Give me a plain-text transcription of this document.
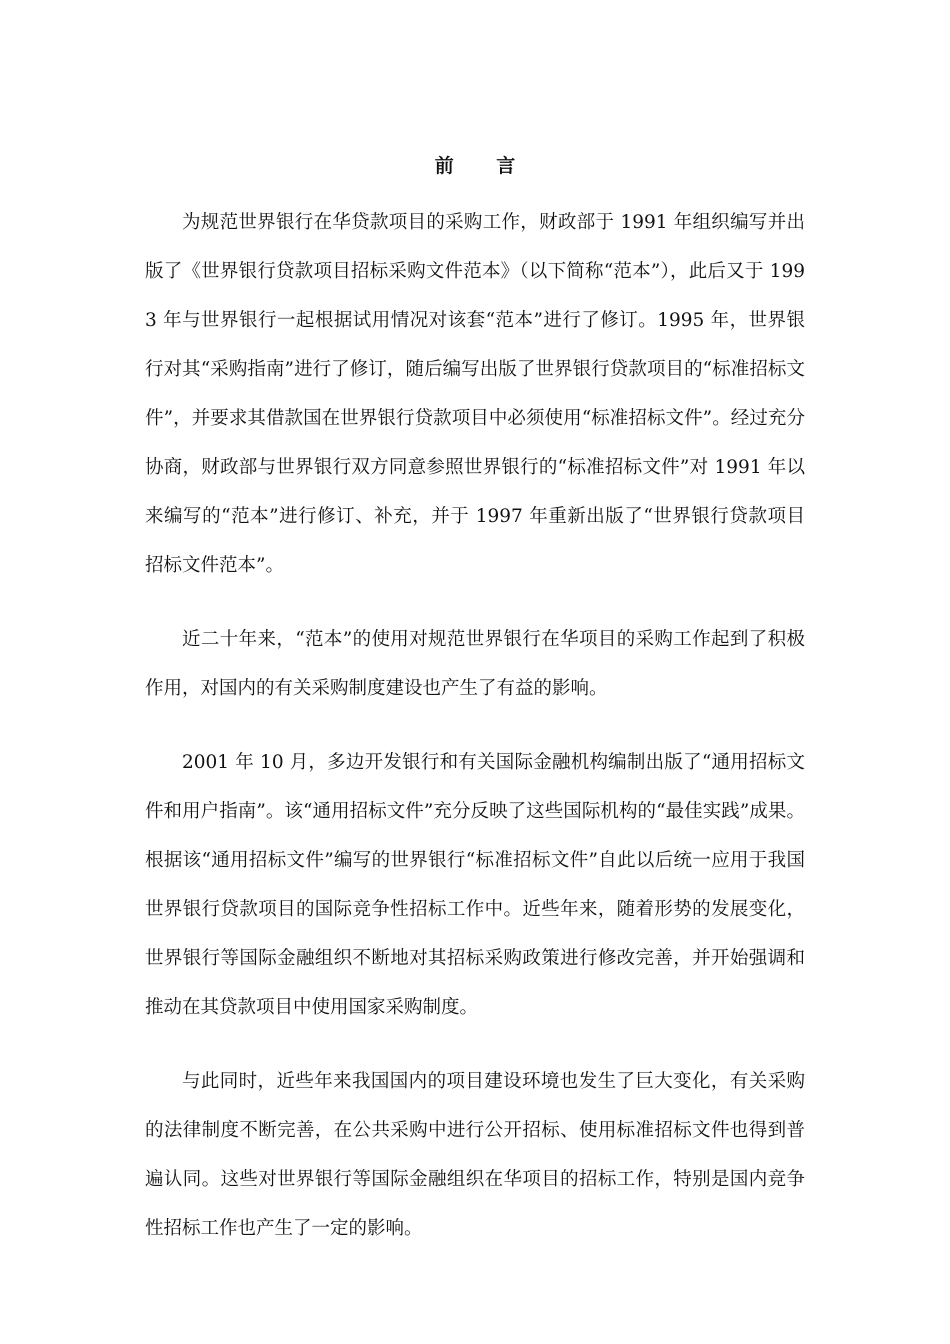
前 言

为规范世界银行在华贷款项目的采购工作，财政部于 1991 年组织编写并出版了《世界银行贷款项目招标采购文件范本》（以下简称“范本”），此后又于 1993 年与世界银行一起根据试用情况对该套“范本”进行了修订。1995 年，世界银行对其“采购指南”进行了修订，随后编写出版了世界银行贷款项目的“标准招标文件”，并要求其借款国在世界银行贷款项目中必须使用“标准招标文件”。经过充分协商，财政部与世界银行双方同意参照世界银行的“标准招标文件”对 1991 年以来编写的“范本”进行修订、补充，并于 1997 年重新出版了“世界银行贷款项目招标文件范本”。

近二十年来，“范本”的使用对规范世界银行在华项目的采购工作起到了积极作用，对国内的有关采购制度建设也产生了有益的影响。

2001 年 10 月，多边开发银行和有关国际金融机构编制出版了“通用招标文件和用户指南”。该“通用招标文件”充分反映了这些国际机构的“最佳实践”成果。根据该“通用招标文件”编写的世界银行“标准招标文件”自此以后统一应用于我国世界银行贷款项目的国际竞争性招标工作中。近些年来，随着形势的发展变化，世界银行等国际金融组织不断地对其招标采购政策进行修改完善，并开始强调和推动在其贷款项目中使用国家采购制度。

与此同时，近些年来我国国内的项目建设环境也发生了巨大变化，有关采购的法律制度不断完善，在公共采购中进行公开招标、使用标准招标文件也得到普遍认同。这些对世界银行等国际金融组织在华项目的招标工作，特别是国内竞争性招标工作也产生了一定的影响。
